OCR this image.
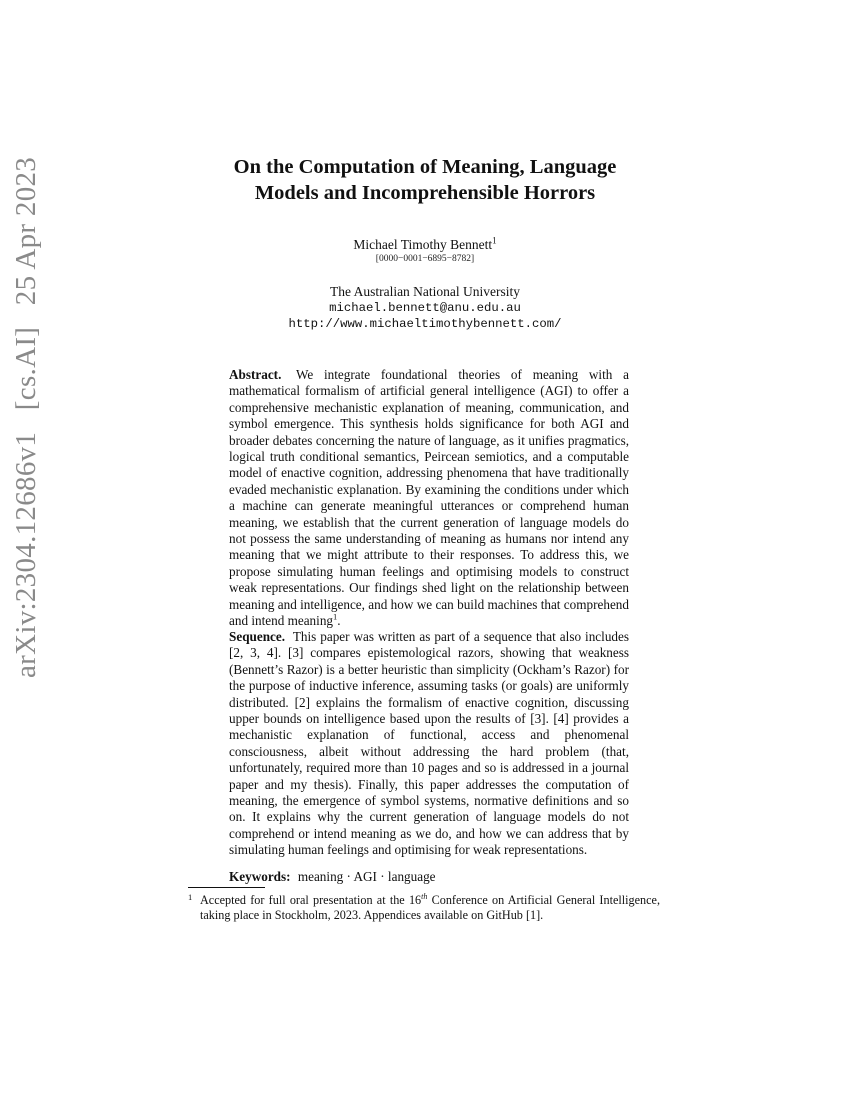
arXiv:2304.12686v1 [cs.AI] 25 Apr 2023	On the Computation of Meaning, Language
Models and Incomprehensible Horrors
Michael Timothy Bennett$^1$
[0000−0001−6895−8782]
The Australian National University
michael.bennett@anu.edu.au
http://www.michaeltimothybennett.com/
Abstract. We integrate foundational theories of meaning with a mathematical formalism of artificial general intelligence (AGI) to offer a comprehensive mechanistic explanation of meaning, communication, and symbol emergence. This synthesis holds significance for both AGI and broader debates concerning the nature of language, as it unifies pragmatics, logical truth conditional semantics, Peircean semiotics, and a computable model of enactive cognition, addressing phenomena that have traditionally evaded mechanistic explanation. By examining the conditions under which a machine can generate meaningful utterances or comprehend human meaning, we establish that the current generation of language models do not possess the same understanding of meaning as humans nor intend any meaning that we might attribute to their responses. To address this, we propose simulating human feelings and optimising models to construct weak representations. Our findings shed light on the relationship between meaning and intelligence, and how we can build machines that comprehend and intend meaning$^1$.
Sequence. This paper was written as part of a sequence that also includes [2, 3, 4]. [3] compares epistemological razors, showing that weakness (Bennett’s Razor) is a better heuristic than simplicity (Ockham’s Razor) for the purpose of inductive inference, assuming tasks (or goals) are uniformly distributed. [2] explains the formalism of enactive cognition, discussing upper bounds on intelligence based upon the results of [3]. [4] provides a mechanistic explanation of functional, access and phenomenal consciousness, albeit without addressing the hard problem (that, unfortunately, required more than 10 pages and so is addressed in a journal paper and my thesis). Finally, this paper addresses the computation of meaning, the emergence of symbol systems, normative definitions and so on. It explains why the current generation of language models do not comprehend or intend meaning as we do, and how we can address that by simulating human feelings and optimising for weak representations.
Keywords: meaning · AGI · language
1 Accepted for full oral presentation at the 16th Conference on Artificial General Intelligence, taking place in Stockholm, 2023. Appendices available on GitHub [1].
